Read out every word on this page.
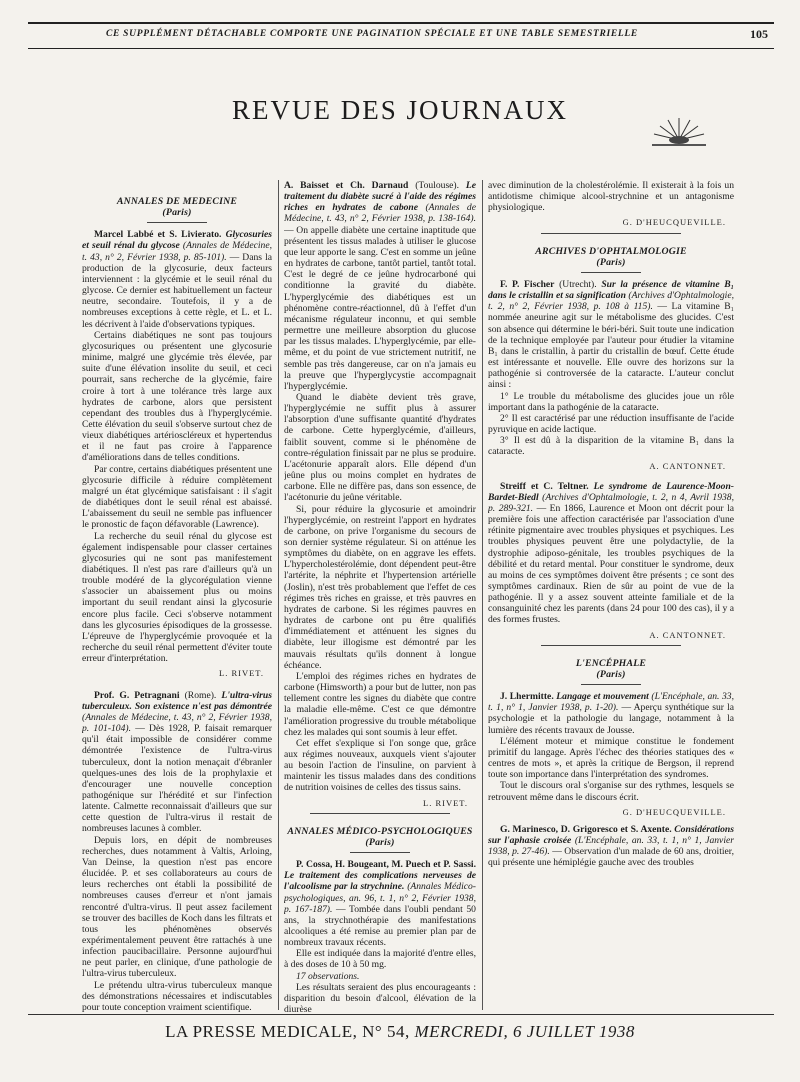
CE SUPPLÉMENT DÉTACHABLE COMPORTE UNE PAGINATION SPÉCIALE ET UNE TABLE SEMESTRIELLE	105
REVUE DES JOURNAUX
ANNALES DE MEDECINE
(Paris)

Marcel Labbé et S. Livierato. Glycosuries et seuil rénal du glycose (Annales de Médecine, t. 43, n° 2, Février 1938, p. 85-101). — Dans la production de la glycosurie, deux facteurs interviennent : la glycémie et le seuil rénal du glycose. Ce dernier est habituellement un facteur neutre, secondaire. Toutefois, il y a de nombreuses exceptions à cette règle, et L. et L. les décrivent à l'aide d'observations typiques.

Certains diabétiques ne sont pas toujours glycosuriques ou présentent une glycosurie minime, malgré une glycémie très élevée, par suite d'une élévation insolite du seuil, et ceci pourrait, sans recherche de la glycémie, faire croire à tort à une tolérance très large aux hydrates de carbone, alors que persistent cependant des troubles dus à l'hyperglycémie. Cette élévation du seuil s'observe surtout chez de vieux diabétiques artérioscléreux et hypertendus et il ne faut pas croire à l'apparence d'améliorations dans de telles conditions.

Par contre, certains diabétiques présentent une glycosurie difficile à réduire complètement malgré un état glycémique satisfaisant : il s'agit de diabétiques dont le seuil rénal est abaissé. L'abaissement du seuil ne semble pas influencer le pronostic de façon défavorable (Lawrence).

La recherche du seuil rénal du glycose est également indispensable pour classer certaines glycosuries qui ne sont pas manifestement diabétiques. Il n'est pas rare d'ailleurs qu'à un trouble modéré de la glycorégulation vienne s'associer un abaissement plus ou moins important du seuil rendant ainsi la glycosurie encore plus facile. Ceci s'observe notamment dans les glycosuries épisodiques de la grossesse. L'épreuve de l'hyperglycémie provoquée et la recherche du seuil rénal permettent d'éviter toute erreur d'interprétation.

L. RIVET.

Prof. G. Petragnani (Rome). L'ultra-virus tuberculeux. Son existence n'est pas démontrée (Annales de Médecine, t. 43, n° 2, Février 1938, p. 101-104). — Dès 1928, P. faisait remarquer qu'il était impossible de considérer comme démontrée l'existence de l'ultra-virus tuberculeux, dont la notion menaçait d'ébranler quelques-unes des lois de la prophylaxie et d'encourager une nouvelle conception pathogénique sur l'hérédité et sur l'infection latente. Calmette reconnaissait d'ailleurs que sur cette question de l'ultra-virus il restait de nombreuses lacunes à combler.

Depuis lors, en dépit de nombreuses recherches, dues notamment à Valtis, Arloing, Van Deinse, la question n'est pas encore élucidée. P. et ses collaborateurs au cours de leurs recherches ont établi la possibilité de nombreuses causes d'erreur et n'ont jamais rencontré d'ultra-virus. Il peut assez facilement se trouver des bacilles de Koch dans les filtrats et tous les phénomènes observés expérimentalement peuvent être rattachés à une infection paucibacillaire. Personne aujourd'hui ne peut parler, en clinique, d'une pathologie de l'ultra-virus tuberculeux.

Le prétendu ultra-virus tuberculeux manque des démonstrations nécessaires et indiscutables pour toute conception vraiment scientifique.

A. Baisset et Ch. Darnaud (Toulouse). Le traitement du diabète sucré à l'aide des régimes riches en hydrates de cabone (Annales de Médecine, t. 43, n° 2, Février 1938, p. 138-164). — On appelle diabète une certaine inaptitude que présentent les tissus malades à utiliser le glucose que leur apporte le sang. C'est en somme un jeûne en hydrates de carbone, tantôt partiel, tantôt total. C'est le degré de ce jeûne hydrocarboné qui conditionne la gravité du diabète. L'hyperglycémie des diabétiques est un phénomène contre-réactionnel, dû à l'effet d'un mécanisme régulateur inconnu, et qui semble permettre une meilleure absorption du glucose par les tissus malades. L'hyperglycémie, par elle-même, et du point de vue strictement nutritif, ne semble pas très dangereuse, car on n'a jamais eu la preuve que l'hyperglycystie accompagnait l'hyperglycémie.

Quand le diabète devient très grave, l'hyperglycémie ne suffit plus à assurer l'absorption d'une suffisante quantité d'hydrates de carbone. Cette hyperglycémie, d'ailleurs, faiblit souvent, comme si le phénomène de contre-régulation finissait par ne plus se produire. L'acétonurie apparaît alors. Elle dépend d'un jeûne plus ou moins complet en hydrates de carbone. Elle ne diffère pas, dans son essence, de l'acétonurie du jeûne véritable.

Si, pour réduire la glycosurie et amoindrir l'hyperglycémie, on restreint l'apport en hydrates de carbone, on prive l'organisme du secours de son dernier système régulateur. Si on atténue les symptômes du diabète, on en aggrave les effets. L'hypercholestérolémie, dont dépendent peut-être l'artérite, la néphrite et l'hypertension artérielle (Joslin), n'est très probablement que l'effet de ces régimes très riches en graisse, et très pauvres en hydrates de carbone. Si les régimes pauvres en hydrates de carbone ont pu être qualifiés d'immédiatement et atténuent les signes du diabète, leur illogisme est démontré par les mauvais résultats qu'ils donnent à longue échéance.

L'emploi des régimes riches en hydrates de carbone (Himsworth) a pour but de lutter, non pas tellement contre les signes du diabète que contre la maladie elle-même. C'est ce que démontre l'amélioration progressive du trouble métabolique chez les malades qui sont soumis à leur effet.

Cet effet s'explique si l'on songe que, grâce aux régimes nouveaux, auxquels vient s'ajouter au besoin l'action de l'insuline, on parvient à maintenir les tissus malades dans des conditions de nutrition voisines de celles des tissus sains.

L. RIVET.
ANNALES MÉDICO-PSYCHOLOGIQUES
(Paris)

P. Cossa, H. Bougeant, M. Puech et P. Sassi. Le traitement des complications nerveuses de l'alcoolisme par la strychnine. (Annales Médico-psychologiques, an. 96, t. 1, n° 2, Février 1938, p. 167-187). — Tombée dans l'oubli pendant 50 ans, la strychnothérapie des manifestations alcooliques a été remise au premier plan par de nombreux travaux récents.

Elle est indiquée dans la majorité d'entre elles, à des doses de 10 à 50 mg.

17 observations.

Les résultats seraient des plus encourageants : disparition du besoin d'alcool, élévation de la diurèse

avec diminution de la cholestérolémie. Il existerait à la fois un antidotisme chimique alcool-strychnine et un antagonisme physiologique.

G. D'HEUCQUEVILLE.
ARCHIVES D'OPHTALMOLOGIE
(Paris)

F. P. Fischer (Utrecht). Sur la présence de vitamine B₁ dans le cristallin et sa signification (Archives d'Ophtalmologie, t. 2, n° 2, Février 1938, p. 108 à 115). — La vitamine B₁ nommée aneurine agit sur le métabolisme des glucides. C'est son absence qui détermine le béri-béri. Suit toute une indication de la technique employée par l'auteur pour étudier la vitamine B₁ dans le cristallin, à partir du cristallin de bœuf. Cette étude est intéressante et nouvelle. Elle ouvre des horizons sur la pathogénie si controversée de la cataracte. L'auteur conclut ainsi :

1° Le trouble du métabolisme des glucides joue un rôle important dans la pathogénie de la cataracte.

2° Il est caractérisé par une réduction insuffisante de l'acide pyruvique en acide lactique.

3° Il est dû à la disparition de la vitamine B₁ dans la cataracte.

A. CANTONNET.

Streiff et C. Teltner. Le syndrome de Laurence-Moon-Bardet-Biedl (Archives d'Ophtalmologie, t. 2, n 4, Avril 1938, p. 289-321. — En 1866, Laurence et Moon ont décrit pour la première fois une affection caractérisée par l'association d'une rétinite pigmentaire avec troubles physiques et psychiques. Les troubles physiques peuvent être une polydactylie, de la dystrophie adiposo-génitale, les troubles psychiques de la débilité et du retard mental. Pour constituer le syndrome, deux au moins de ces symptômes doivent être présents ; ce sont des symptômes cardinaux. Rien de sûr au point de vue de la pathogénie. Il y a assez souvent atteinte familiale et de la consanguinité chez les parents (dans 24 pour 100 des cas), il y a des formes frustes.

A. CANTONNET.
L'ENCÉPHALE
(Paris)

J. Lhermitte. Langage et mouvement (L'Encéphale, an. 33, t. 1, n° 1, Janvier 1938, p. 1-20). — Aperçu synthétique sur la psychologie et la pathologie du langage, notamment à la lumière des récents travaux de Jousse.

L'élément moteur et mimique constitue le fondement primitif du langage. Après l'échec des théories statiques des « centres de mots », et après la critique de Bergson, il reprend toute son importance dans l'interprétation des syndromes.

Tout le discours oral s'organise sur des rythmes, lesquels se retrouvent même dans le discours écrit.

G. D'HEUCQUEVILLE.

G. Marinesco, D. Grigoresco et S. Axente. Considérations sur l'aphasie croisée (L'Encéphale, an. 33, t. 1, n° 1, Janvier 1938, p. 27-46). — Observation d'un malade de 60 ans, droitier, qui présente une hémiplégie gauche avec des troubles

LA PRESSE MEDICALE, N° 54, MERCREDI, 6 JUILLET 1938
